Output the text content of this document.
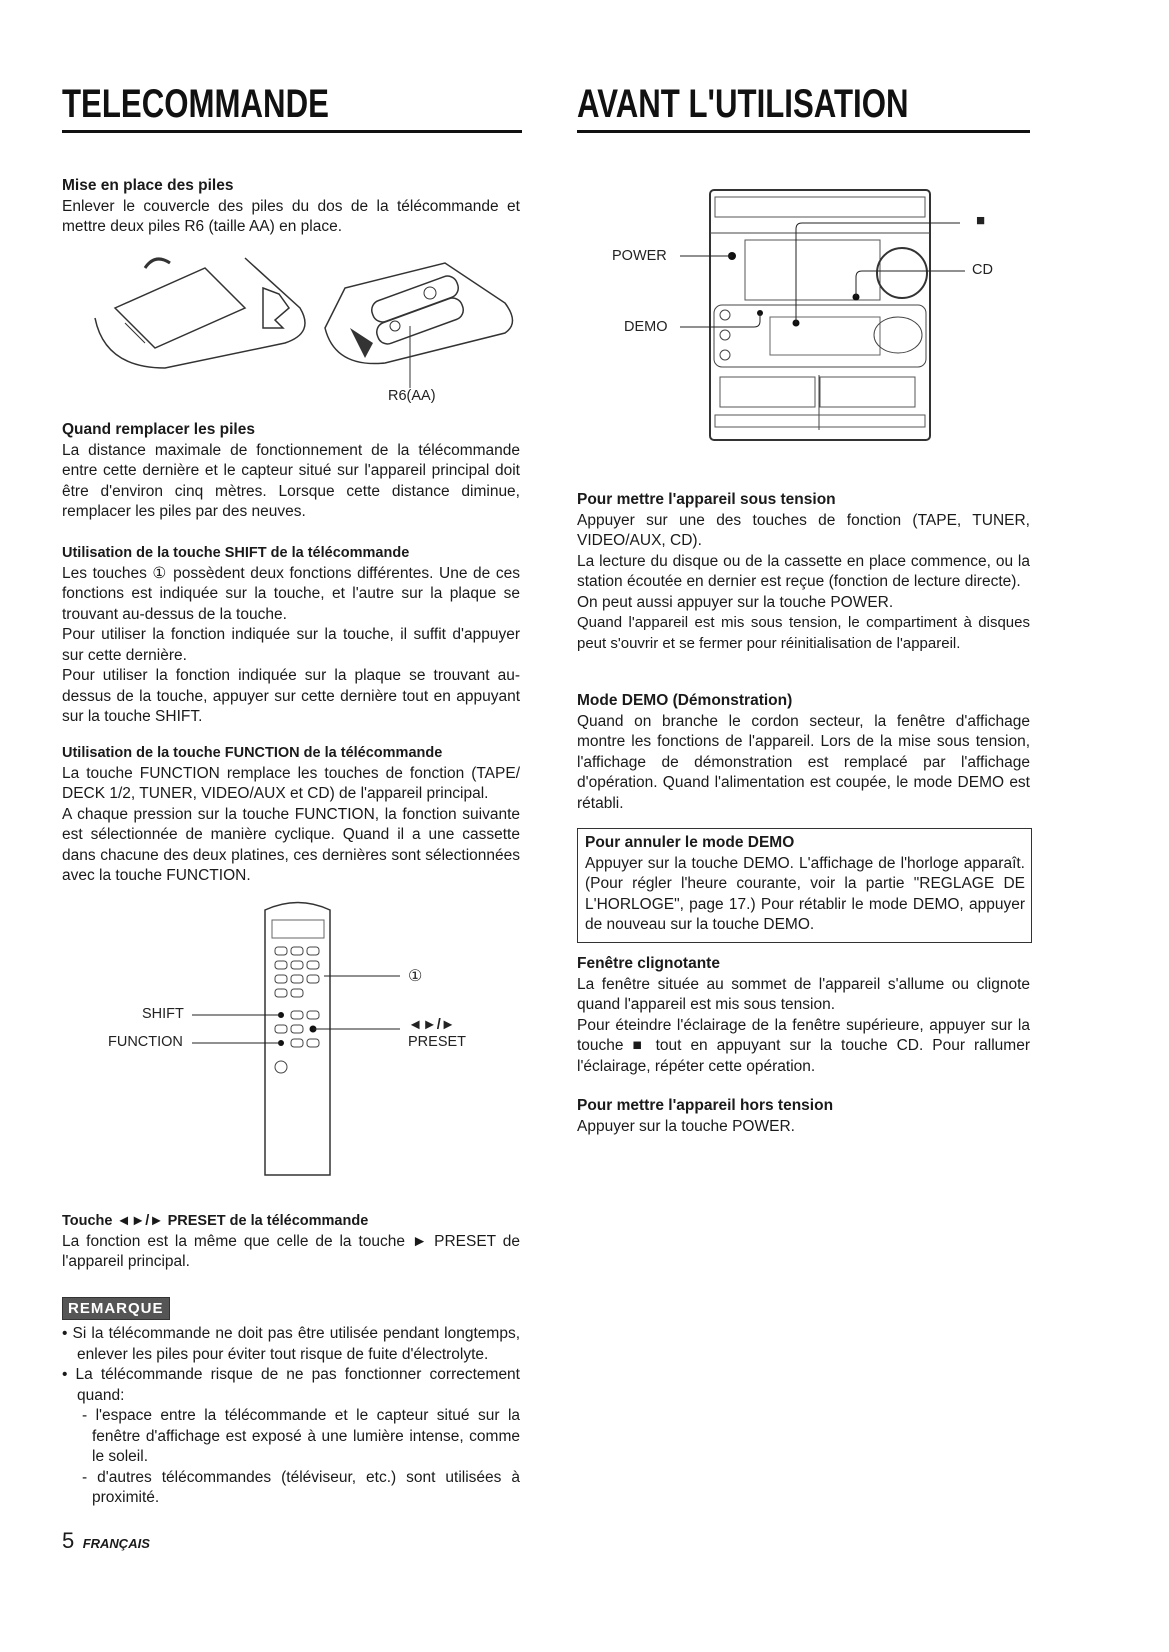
TELECOMMANDE	AVANT L'UTILISATION

Mise en place des piles

Enlever le couvercle des piles du dos de la télécommande et mettre deux piles R6 (taille AA) en place.

R6(AA)

Quand remplacer les piles

La distance maximale de fonctionnement de la télécommande entre cette dernière et le capteur situé sur l'appareil principal doit être d'environ cinq mètres. Lorsque cette distance diminue, remplacer les piles par des neuves.

Utilisation de la touche SHIFT de la télécommande

Les touches ① possèdent deux fonctions différentes. Une de ces fonctions est indiquée sur la touche, et l'autre sur la plaque se trouvant au-dessus de la touche.

Pour utiliser la fonction indiquée sur la touche, il suffit d'appuyer sur cette dernière.

Pour utiliser la fonction indiquée sur la plaque se trouvant au-dessus de la touche, appuyer sur cette dernière tout en appuyant sur la touche SHIFT.

Utilisation de la touche FUNCTION de la télécommande

La touche FUNCTION remplace les touches de fonction (TAPE/ DECK 1/2, TUNER, VIDEO/AUX et CD) de l'appareil principal.

A chaque pression sur la touche FUNCTION, la fonction suivante est sélectionnée de manière cyclique. Quand il a une cassette dans chacune des deux platines, ces dernières sont sélectionnées avec la touche FUNCTION.

SHIFT
FUNCTION
①
◄►/►
PRESET

Touche ◄►/► PRESET de la télécommande

La fonction est la même que celle de la touche ► PRESET de l'appareil principal.

REMARQUE
• Si la télécommande ne doit pas être utilisée pendant longtemps, enlever les piles pour éviter tout risque de fuite d'électrolyte.
• La télécommande risque de ne pas fonctionner correctement quand:
- l'espace entre la télécommande et le capteur situé sur la fenêtre d'affichage est exposé à une lumière intense, comme le soleil.
- d'autres télécommandes (téléviseur, etc.) sont utilisées à proximité.
5 FRANÇAIS
POWER
DEMO
■
CD

Pour mettre l'appareil sous tension

Appuyer sur une des touches de fonction (TAPE, TUNER, VIDEO/AUX, CD).

La lecture du disque ou de la cassette en place commence, ou la station écoutée en dernier est reçue (fonction de lecture directe).

On peut aussi appuyer sur la touche POWER.

Quand l'appareil est mis sous tension, le compartiment à disques peut s'ouvrir et se fermer pour réinitialisation de l'appareil.

Mode DEMO (Démonstration)

Quand on branche le cordon secteur, la fenêtre d'affichage montre les fonctions de l'appareil. Lors de la mise sous tension, l'affichage de démonstration est remplacé par l'affichage d'opération. Quand l'alimentation est coupée, le mode DEMO est rétabli.

Pour annuler le mode DEMO

Appuyer sur la touche DEMO. L'affichage de l'horloge apparaît. (Pour régler l'heure courante, voir la partie "REGLAGE DE L'HORLOGE", page 17.) Pour rétablir le mode DEMO, appuyer de nouveau sur la touche DEMO.

Fenêtre clignotante

La fenêtre située au sommet de l'appareil s'allume ou clignote quand l'appareil est mis sous tension.

Pour éteindre l'éclairage de la fenêtre supérieure, appuyer sur la touche ■ tout en appuyant sur la touche CD. Pour rallumer l'éclairage, répéter cette opération.

Pour mettre l'appareil hors tension

Appuyer sur la touche POWER.
